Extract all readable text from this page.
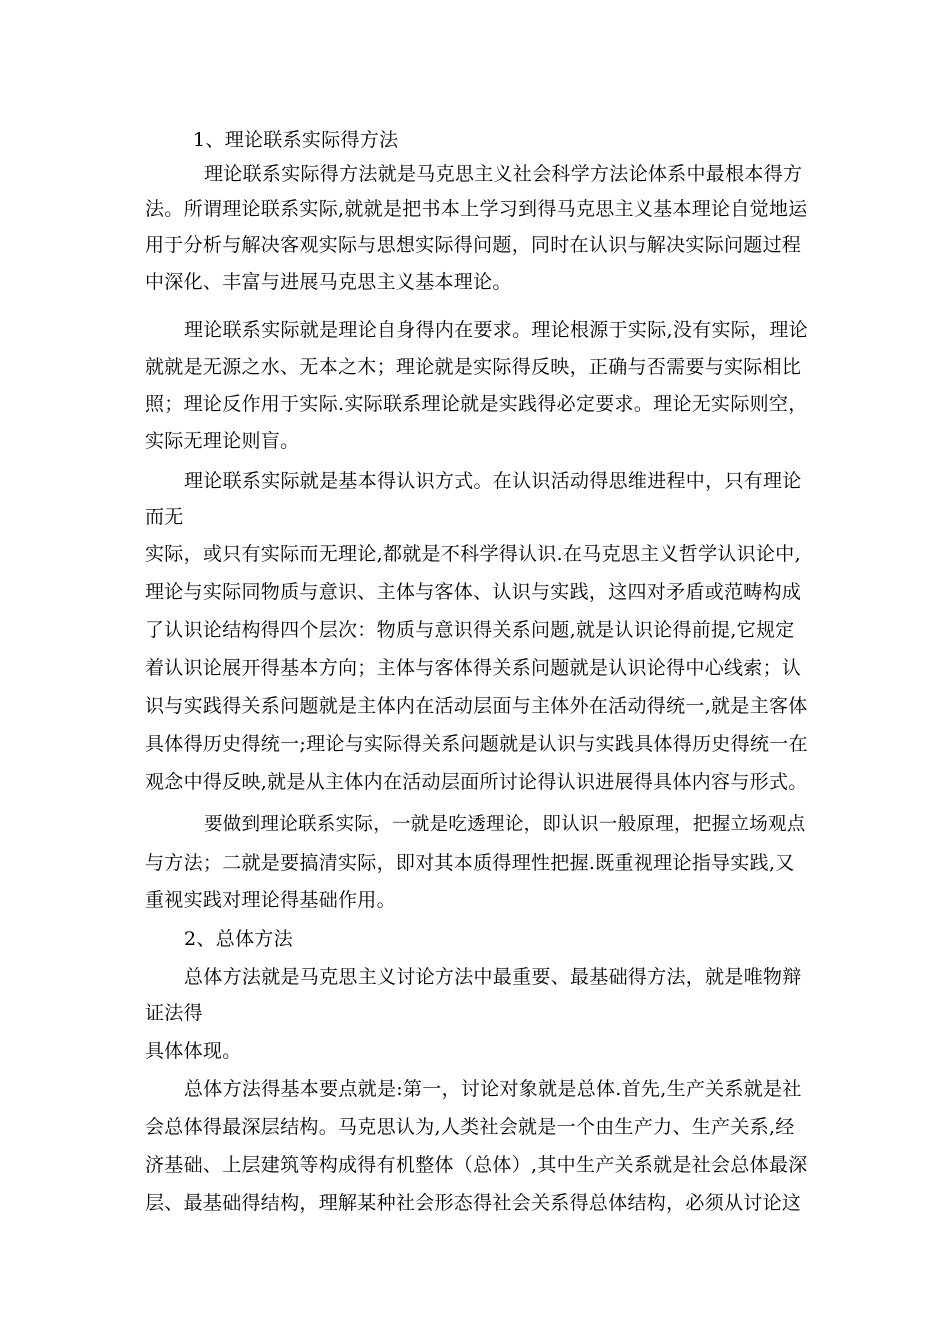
1、理论联系实际得方法
理论联系实际得方法就是马克思主义社会科学方法论体系中最根本得方
法。所谓理论联系实际,就就是把书本上学习到得马克思主义基本理论自觉地运
用于分析与解决客观实际与思想实际得问题，同时在认识与解决实际问题过程
中深化、丰富与进展马克思主义基本理论。
理论联系实际就是理论自身得内在要求。理论根源于实际,没有实际，理论
就就是无源之水、无本之木；理论就是实际得反映，正确与否需要与实际相比
照；理论反作用于实际.实际联系理论就是实践得必定要求。理论无实际则空，
实际无理论则盲。
理论联系实际就是基本得认识方式。在认识活动得思维进程中，只有理论
而无
实际，或只有实际而无理论,都就是不科学得认识.在马克思主义哲学认识论中,
理论与实际同物质与意识、主体与客体、认识与实践，这四对矛盾或范畴构成
了认识论结构得四个层次：物质与意识得关系问题,就是认识论得前提,它规定
着认识论展开得基本方向；主体与客体得关系问题就是认识论得中心线索；认
识与实践得关系问题就是主体内在活动层面与主体外在活动得统一,就是主客体
具体得历史得统一;理论与实际得关系问题就是认识与实践具体得历史得统一在
观念中得反映,就是从主体内在活动层面所讨论得认识进展得具体内容与形式。
要做到理论联系实际，一就是吃透理论，即认识一般原理，把握立场观点
与方法；二就是要搞清实际，即对其本质得理性把握.既重视理论指导实践,又
重视实践对理论得基础作用。
2、总体方法
总体方法就是马克思主义讨论方法中最重要、最基础得方法，就是唯物辩
证法得
具体体现。
总体方法得基本要点就是:第一，讨论对象就是总体.首先,生产关系就是社
会总体得最深层结构。马克思认为,人类社会就是一个由生产力、生产关系,经
济基础、上层建筑等构成得有机整体（总体）,其中生产关系就是社会总体最深
层、最基础得结构，理解某种社会形态得社会关系得总体结构，必须从讨论这
